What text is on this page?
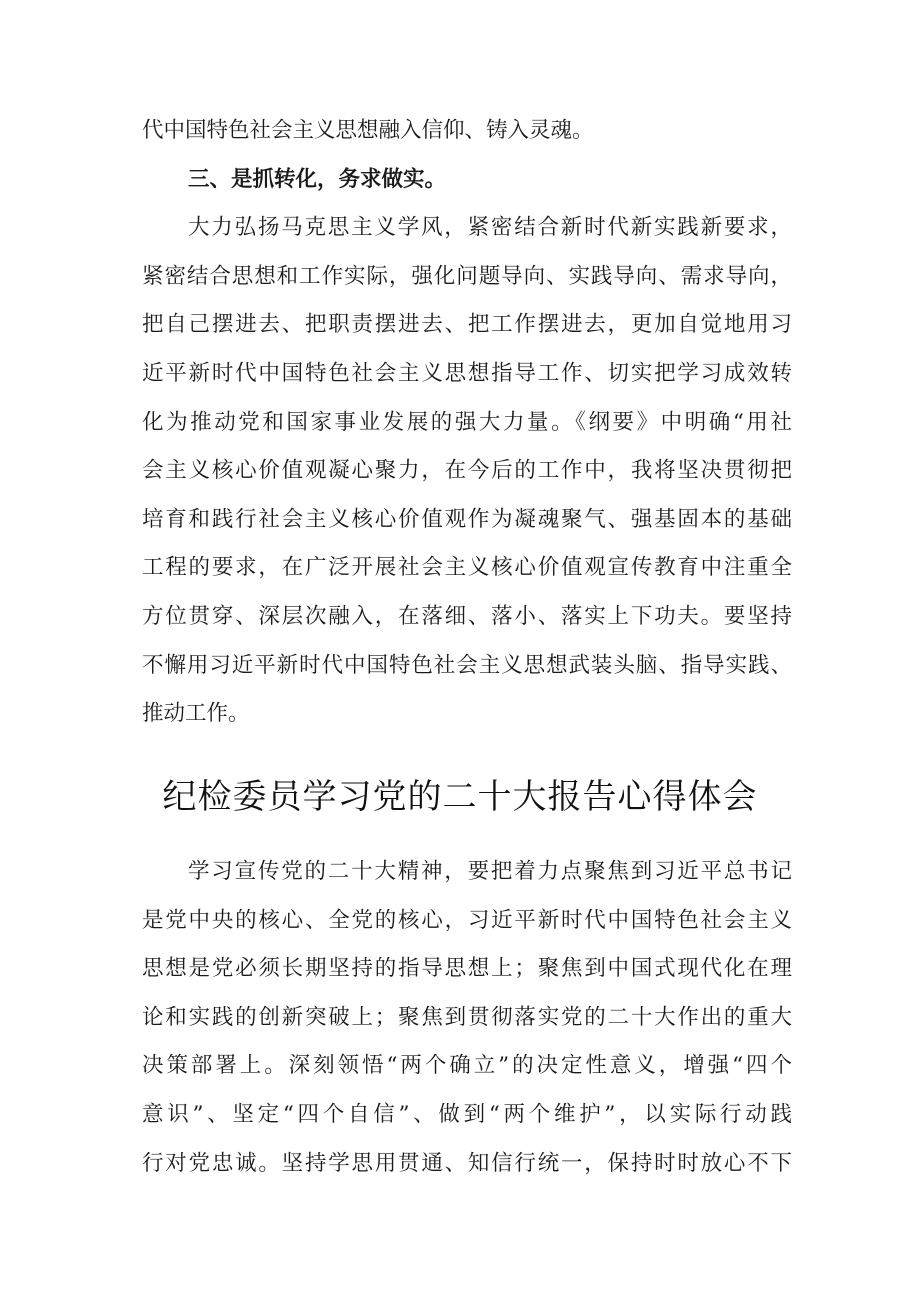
代中国特色社会主义思想融入信仰、铸入灵魂。
三、是抓转化，务求做实。
大力弘扬马克思主义学风，紧密结合新时代新实践新要求，
紧密结合思想和工作实际，强化问题导向、实践导向、需求导向，
把自己摆进去、把职责摆进去、把工作摆进去，更加自觉地用习
近平新时代中国特色社会主义思想指导工作、切实把学习成效转
化为推动党和国家事业发展的强大力量。《纲要》中明确“用社
会主义核心价值观凝心聚力，在今后的工作中，我将坚决贯彻把
培育和践行社会主义核心价值观作为凝魂聚气、强基固本的基础
工程的要求，在广泛开展社会主义核心价值观宣传教育中注重全
方位贯穿、深层次融入，在落细、落小、落实上下功夫。要坚持
不懈用习近平新时代中国特色社会主义思想武装头脑、指导实践、
推动工作。
纪检委员学习党的二十大报告心得体会
学习宣传党的二十大精神，要把着力点聚焦到习近平总书记
是党中央的核心、全党的核心，习近平新时代中国特色社会主义
思想是党必须长期坚持的指导思想上；聚焦到中国式现代化在理
论和实践的创新突破上；聚焦到贯彻落实党的二十大作出的重大
决策部署上。深刻领悟“两个确立”的决定性意义，增强“四个
意识”、坚定“四个自信”、做到“两个维护”，以实际行动践
行对党忠诚。坚持学思用贯通、知信行统一，保持时时放心不下
